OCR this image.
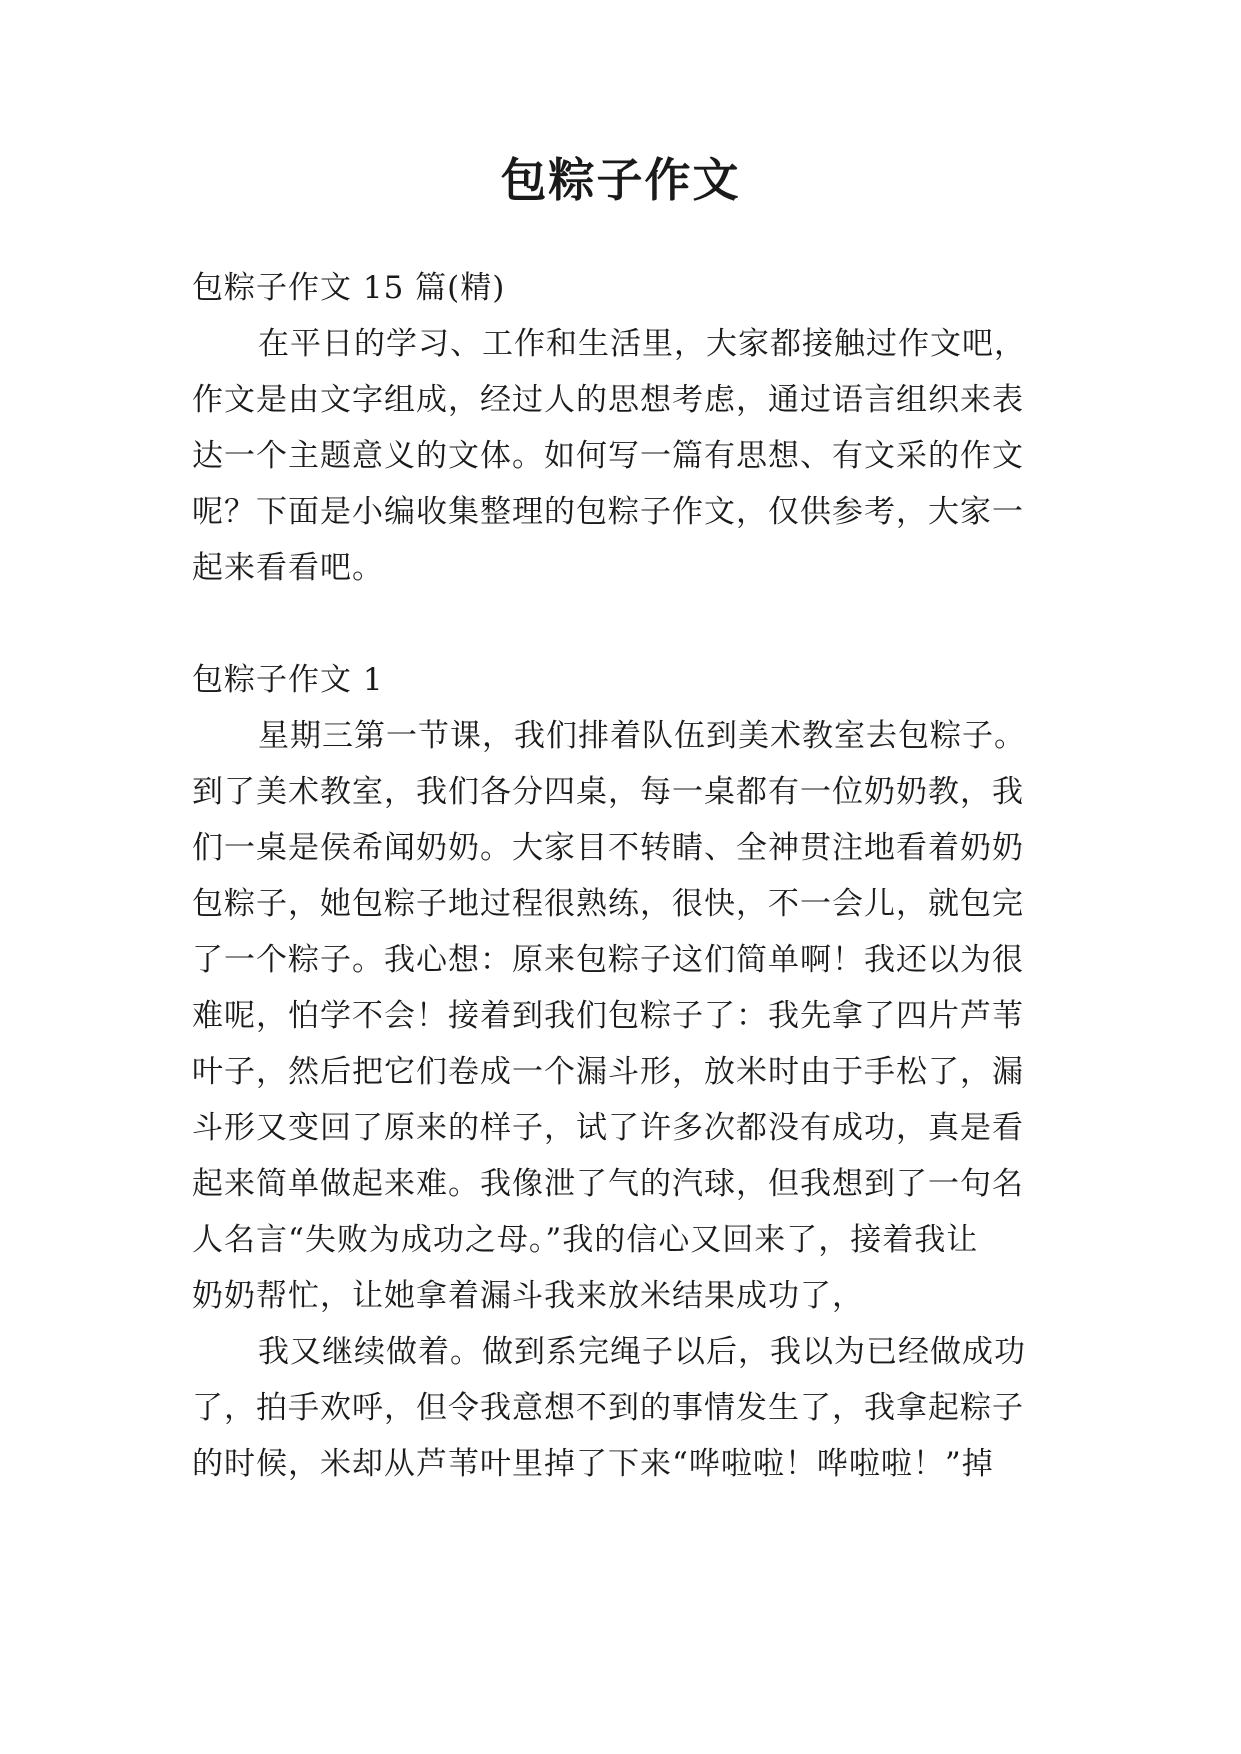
包粽子作文
包粽子作文 15 篇(精)
在平日的学习、工作和生活里，大家都接触过作文吧，
作文是由文字组成，经过人的思想考虑，通过语言组织来表
达一个主题意义的文体。如何写一篇有思想、有文采的作文
呢？下面是小编收集整理的包粽子作文，仅供参考，大家一
起来看看吧。
包粽子作文 1
星期三第一节课，我们排着队伍到美术教室去包粽子。
到了美术教室，我们各分四桌，每一桌都有一位奶奶教，我
们一桌是侯希闻奶奶。大家目不转睛、全神贯注地看着奶奶
包粽子，她包粽子地过程很熟练，很快，不一会儿，就包完
了一个粽子。我心想：原来包粽子这们简单啊！我还以为很
难呢，怕学不会！接着到我们包粽子了：我先拿了四片芦苇
叶子，然后把它们卷成一个漏斗形，放米时由于手松了，漏
斗形又变回了原来的样子，试了许多次都没有成功，真是看
起来简单做起来难。我像泄了气的汽球，但我想到了一句名
人名言“失败为成功之母。”我的信心又回来了，接着我让
奶奶帮忙，让她拿着漏斗我来放米结果成功了，
我又继续做着。做到系完绳子以后，我以为已经做成功
了，拍手欢呼，但令我意想不到的事情发生了，我拿起粽子
的时候，米却从芦苇叶里掉了下来“哗啦啦！哗啦啦！”掉
